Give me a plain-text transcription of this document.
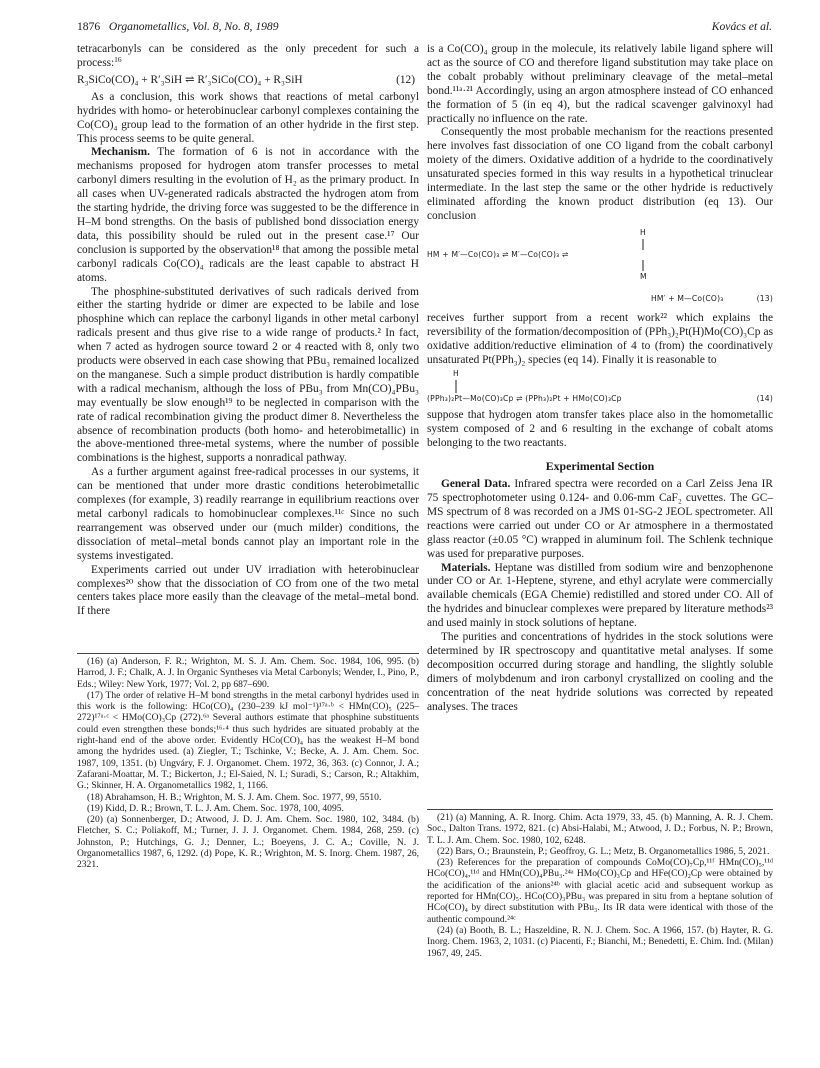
1876 Organometallics, Vol. 8, No. 8, 1989	Kovács et al.

tetracarbonyls can be considered as the only precedent for such a process:$^{16}$

R₃SiCo(CO)₄ + R′₃SiH ⇌ R′₃SiCo(CO)₄ + R₃SiH	(12)

As a conclusion, this work shows that reactions of metal carbonyl hydrides with homo- or heterobinuclear carbonyl complexes containing the Co(CO)₄ group lead to the formation of an other hydride in the first step. This process seems to be quite general.

Mechanism. The formation of 6 is not in accordance with the mechanisms proposed for hydrogen atom transfer processes to metal carbonyl dimers resulting in the evolution of H₂ as the primary product. In all cases when UV-generated radicals abstracted the hydrogen atom from the starting hydride, the driving force was suggested to be the difference in H–M bond strengths. On the basis of published bond dissociation energy data, this possibility should be ruled out in the present case.¹⁷ Our conclusion is supported by the observation¹⁸ that among the possible metal carbonyl radicals Co(CO)₄ radicals are the least capable to abstract H atoms.

The phosphine-substituted derivatives of such radicals derived from either the starting hydride or dimer are expected to be labile and lose phosphine which can replace the carbonyl ligands in other metal carbonyl radicals present and thus give rise to a wide range of products.² In fact, when 7 acted as hydrogen source toward 2 or 4 reacted with 8, only two products were observed in each case showing that PBu₃ remained localized on the manganese. Such a simple product distribution is hardly compatible with a radical mechanism, although the loss of PBu₃ from Mn(CO)₄PBu₃ may eventually be slow enough¹⁹ to be neglected in comparison with the rate of radical recombination giving the product dimer 8. Nevertheless the absence of recombination products (both homo- and heterobimetallic) in the above-mentioned three-metal systems, where the number of possible combinations is the highest, supports a nonradical pathway.

As a further argument against free-radical processes in our systems, it can be mentioned that under more drastic conditions heterobimetallic complexes (for example, 3) readily rearrange in equilibrium reactions over metal carbonyl radicals to homobinuclear complexes.¹¹ᶜ Since no such rearrangement was observed under our (much milder) conditions, the dissociation of metal–metal bonds cannot play an important role in the systems investigated.

Experiments carried out under UV irradiation with heterobinuclear complexes²⁰ show that the dissociation of CO from one of the two metal centers takes place more easily than the cleavage of the metal–metal bond. If there

(16) (a) Anderson, F. R.; Wrighton, M. S. J. Am. Chem. Soc. 1984, 106, 995. (b) Harrod, J. F.; Chalk, A. J. In Organic Syntheses via Metal Carbonyls; Wender, I., Pino, P., Eds.; Wiley: New York, 1977; Vol. 2, pp 687–690.

(17) The order of relative H–M bond strengths in the metal carbonyl hydrides used in this work is the following: HCo(CO)₄ (230–239 kJ mol⁻¹)¹⁷ᵃ·ᵇ < HMn(CO)₅ (225–272)¹⁷ᵃ·ᶜ < HMo(CO)₃Cp (272).⁶ᵃ Several authors estimate that phosphine substituents could even strengthen these bonds;¹⁶·⁴ thus such hydrides are situated probably at the right-hand end of the above order. Evidently HCo(CO)₄ has the weakest H–M bond among the hydrides used. (a) Ziegler, T.; Tschinke, V.; Becke, A. J. Am. Chem. Soc. 1987, 109, 1351. (b) Ungváry, F. J. Organomet. Chem. 1972, 36, 363. (c) Connor, J. A.; Zafarani-Moattar, M. T.; Bickerton, J.; El-Saied, N. I.; Suradi, S.; Carson, R.; Altakhim, G.; Skinner, H. A. Organometallics 1982, 1, 1166.

(18) Abrahamson, H. B.; Wrighton, M. S. J. Am. Chem. Soc. 1977, 99, 5510.

(19) Kidd, D. R.; Brown, T. L. J. Am. Chem. Soc. 1978, 100, 4095.

(20) (a) Sonnenberger, D.; Atwood, J. D. J. Am. Chem. Soc. 1980, 102, 3484. (b) Fletcher, S. C.; Poliakoff, M.; Turner, J. J. J. Organomet. Chem. 1984, 268, 259. (c) Johnston, P.; Hutchings, G. J.; Denner, L.; Boeyens, J. C. A.; Coville, N. J. Organometallics 1987, 6, 1292. (d) Pope, K. R.; Wrighton, M. S. Inorg. Chem. 1987, 26, 2321.

is a Co(CO)₄ group in the molecule, its relatively labile ligand sphere will act as the source of CO and therefore ligand substitution may take place on the cobalt probably without preliminary cleavage of the metal–metal bond.¹¹ᵃ·²¹ Accordingly, using an argon atmosphere instead of CO enhanced the formation of 5 (in eq 4), but the radical scavenger galvinoxyl had practically no influence on the rate.

Consequently the most probable mechanism for the reactions presented here involves fast dissociation of one CO ligand from the cobalt carbonyl moiety of the dimers. Oxidative addition of a hydride to the coordinatively unsaturated species formed in this way results in a hypothetical trinuclear intermediate. In the last step the same or the other hydride is reductively eliminated affording the known product distribution (eq 13). Our conclusion

H
HM + M′—Co(CO)₃ ⇌ M′—Co(CO)₃ ⇌
M
HM′ + M—Co(CO)₃	(13)

receives further support from a recent work²² which explains the reversibility of the formation/decomposition of (PPh₃)₂Pt(H)Mo(CO)₃Cp as oxidative addition/reductive elimination of 4 to (from) the coordinatively unsaturated Pt(PPh₃)₂ species (eq 14). Finally it is reasonable to

H
(PPh₃)₂Pt—Mo(CO)₃Cp ⇌ (PPh₃)₂Pt + HMo(CO)₃Cp	(14)

suppose that hydrogen atom transfer takes place also in the homometallic system composed of 2 and 6 resulting in the exchange of cobalt atoms belonging to the two reactants.

Experimental Section

General Data. Infrared spectra were recorded on a Carl Zeiss Jena IR 75 spectrophotometer using 0.124- and 0.06-mm CaF₂ cuvettes. The GC–MS spectrum of 8 was recorded on a JMS 01-SG-2 JEOL spectrometer. All reactions were carried out under CO or Ar atmosphere in a thermostated glass reactor (±0.05 °C) wrapped in aluminum foil. The Schlenk technique was used for preparative purposes.

Materials. Heptane was distilled from sodium wire and benzophenone under CO or Ar. 1-Heptene, styrene, and ethyl acrylate were commercially available chemicals (EGA Chemie) redistilled and stored under CO. All of the hydrides and binuclear complexes were prepared by literature methods²³ and used mainly in stock solutions of heptane.

The purities and concentrations of hydrides in the stock solutions were determined by IR spectroscopy and quantitative metal analyses. If some decomposition occurred during storage and handling, the slightly soluble dimers of molybdenum and iron carbonyl crystallized on cooling and the concentration of the neat hydride solutions was corrected by repeated analyses. The traces

(21) (a) Manning, A. R. Inorg. Chim. Acta 1979, 33, 45. (b) Manning, A. R. J. Chem. Soc., Dalton Trans. 1972, 821. (c) Absi-Halabi, M.; Atwood, J. D.; Forbus, N. P.; Brown, T. L. J. Am. Chem. Soc. 1980, 102, 6248.

(22) Bars, O.; Braunstein, P.; Geoffroy, G. L.; Metz, B. Organometallics 1986, 5, 2021.

(23) References for the preparation of compounds CoMo(CO)₇Cp,¹¹ᶠ HMn(CO)₅,¹¹ᵈ HCo(CO)₄,¹¹ᵈ and HMn(CO)₄PBu₃.²⁴ᵃ HMo(CO)₃Cp and HFe(CO)₂Cp were obtained by the acidification of the anions²⁴ᵇ with glacial acetic acid and subsequent workup as reported for HMn(CO)₅. HCo(CO)₃PBu₃ was prepared in situ from a heptane solution of HCo(CO)₄ by direct substitution with PBu₃. Its IR data were identical with those of the authentic compound.²⁴ᶜ

(24) (a) Booth, B. L.; Haszeldine, R. N. J. Chem. Soc. A 1966, 157. (b) Hayter, R. G. Inorg. Chem. 1963, 2, 1031. (c) Piacenti, F.; Bianchi, M.; Benedetti, E. Chim. Ind. (Milan) 1967, 49, 245.
